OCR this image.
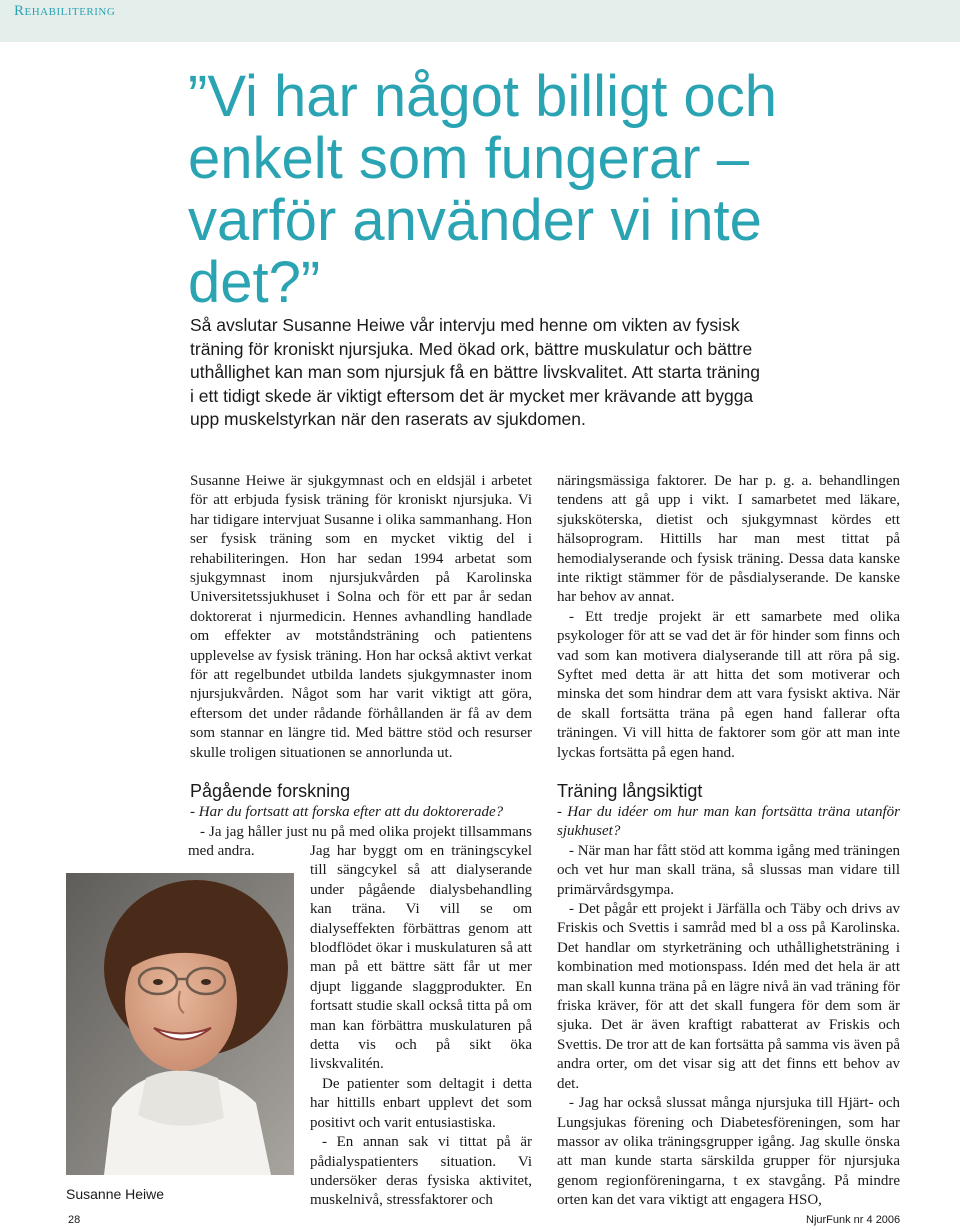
Rehabilitering
”Vi har något billigt och enkelt som fungerar – varför använder vi inte det?”

Så avslutar Susanne Heiwe vår intervju med henne om vikten av fysisk träning för kroniskt njursjuka. Med ökad ork, bättre muskulatur och bättre uthållighet kan man som njursjuk få en bättre livskvalitet. Att starta träning i ett tidigt skede är viktigt eftersom det är mycket mer krävande att bygga upp muskelstyrkan när den raserats av sjukdomen.

Susanne Heiwe är sjukgymnast och en eldsjäl i arbetet för att erbjuda fysisk träning för kroniskt njursjuka. Vi har tidigare intervjuat Susanne i olika sammanhang. Hon ser fysisk träning som en mycket viktig del i rehabiliteringen. Hon har sedan 1994 arbetat som sjukgymnast inom njursjukvården på Karolinska Universitetssjukhuset i Solna och för ett par år sedan doktorerat i njurmedicin. Hennes avhandling handlade om effekter av motståndsträning och patientens upplevelse av fysisk träning. Hon har också aktivt verkat för att regelbundet utbilda landets sjukgymnaster inom njursjukvården. Något som har varit viktigt att göra, eftersom det under rådande förhållanden är få av dem som stannar en längre tid. Med bättre stöd och resurser skulle troligen situationen se annorlunda ut.

näringsmässiga faktorer. De har p. g. a. behandlingen tendens att gå upp i vikt. I samarbetet med läkare, sjuksköterska, dietist och sjukgymnast kördes ett hälsoprogram. Hittills har man mest tittat på hemodialyserande och fysisk träning. Dessa data kanske inte riktigt stämmer för de påsdialyserande. De kanske har behov av annat.

- Ett tredje projekt är ett samarbete med olika psykologer för att se vad det är för hinder som finns och vad som kan motivera dialyserande till att röra på sig. Syftet med detta är att hitta det som motiverar och minska det som hindrar dem att vara fysiskt aktiva. När de skall fortsätta träna på egen hand fallerar ofta träningen. Vi vill hitta de faktorer som gör att man inte lyckas fortsätta på egen hand.

Pågående forskning

- Har du fortsatt att forska efter att du doktorerade?

- Ja jag håller just nu på med olika projekt tillsammans med andra.	Jag har byggt om en träningscykel till sängcykel så att dialyserande under pågående dialysbehandling kan träna. Vi vill se om dialyseffekten förbättras genom att blodflödet ökar i muskulaturen så att man på ett bättre sätt får ut mer djupt liggande slaggprodukter. En fortsatt studie skall också titta på om man kan förbättra muskulaturen på detta vis och på sikt öka livskvalitén.

De patienter som deltagit i detta har hittills enbart upplevt det som positivt och varit entusiastiska.

- En annan sak vi tittat på är pådialyspatienters situation. Vi undersöker deras fysiska aktivitet, muskelnivå, stressfaktorer och

Träning långsiktigt

- Har du idéer om hur man kan fortsätta träna utanför sjukhuset?

- När man har fått stöd att komma igång med träningen och vet hur man skall träna, så slussas man vidare till primärvårdsgympa.

- Det pågår ett projekt i Järfälla och Täby och drivs av Friskis och Svettis i samråd med bl a oss på Karolinska. Det handlar om styrketräning och uthållighetsträning i kombination med motionspass. Idén med det hela är att man skall kunna träna på en lägre nivå än vad träning för friska kräver, för att det skall fungera för dem som är sjuka. Det är även kraftigt rabatterat av Friskis och Svettis. De tror att de kan fortsätta på samma vis även på andra orter, om det visar sig att det finns ett behov av det.

- Jag har också slussat många njursjuka till Hjärt- och Lungsjukas förening och Diabetesföreningen, som har massor av olika träningsgrupper igång. Jag skulle önska att man kunde starta särskilda grupper för njursjuka genom regionföreningarna, t ex stavgång. På mindre orten kan det vara viktigt att engagera HSO,

Susanne Heiwe
28	NjurFunk nr 4 2006
